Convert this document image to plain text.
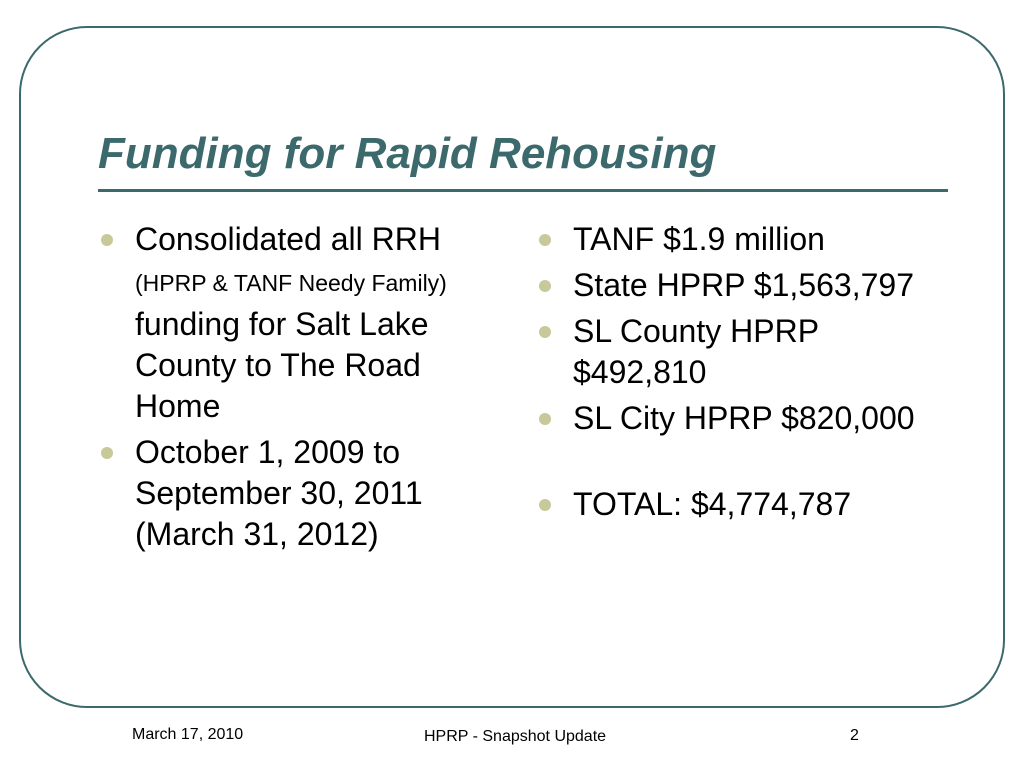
Funding for Rapid Rehousing
Consolidated all RRH (HPRP & TANF Needy Family) funding for Salt Lake County to The Road Home
October 1, 2009 to September 30, 2011 (March 31, 2012)
TANF $1.9 million
State HPRP $1,563,797
SL County HPRP $492,810
SL City HPRP $820,000
TOTAL: $4,774,787
March 17, 2010	HPRP - Snapshot Update	2
